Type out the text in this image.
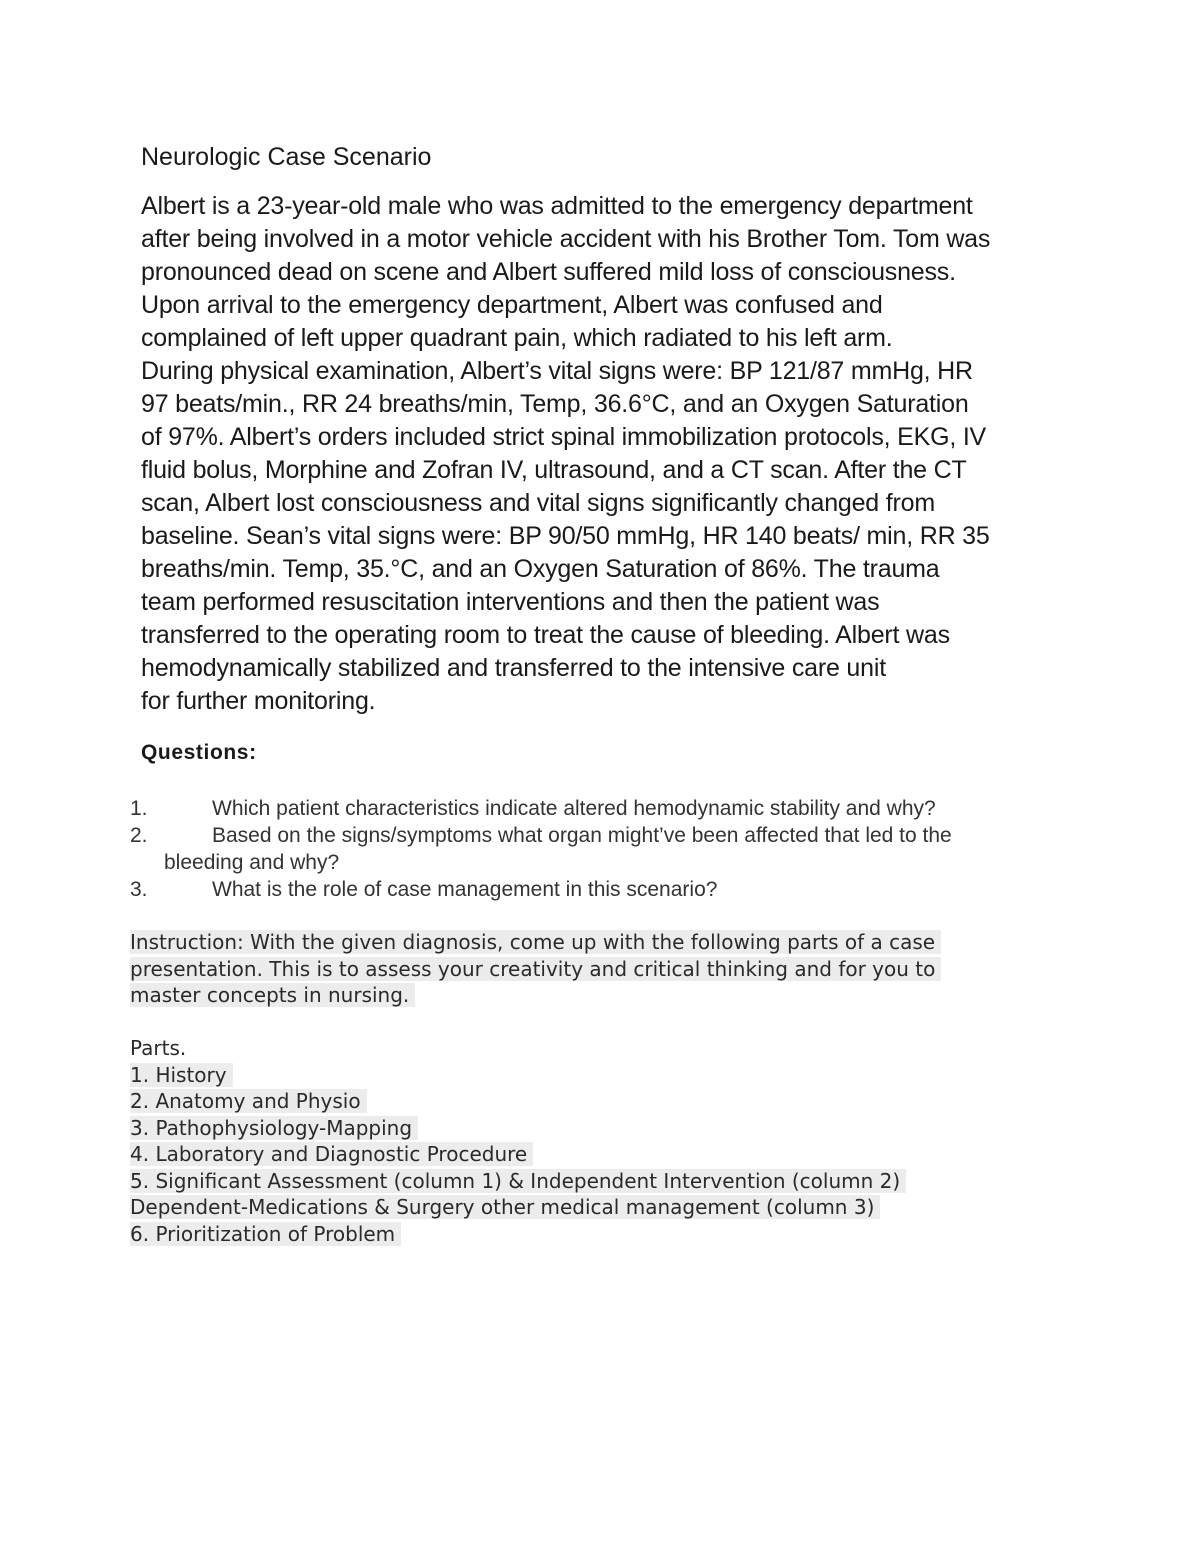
Neurologic Case Scenario
Albert is a 23-year-old male who was admitted to the emergency department
after being involved in a motor vehicle accident with his Brother Tom. Tom was
pronounced dead on scene and Albert suffered mild loss of consciousness.
Upon arrival to the emergency department, Albert was confused and
complained of left upper quadrant pain, which radiated to his left arm.
During physical examination, Albert’s vital signs were: BP 121/87 mmHg, HR
97 beats/min., RR 24 breaths/min, Temp, 36.6°C, and an Oxygen Saturation
of 97%. Albert’s orders included strict spinal immobilization protocols, EKG, IV
fluid bolus, Morphine and Zofran IV, ultrasound, and a CT scan. After the CT
scan, Albert lost consciousness and vital signs significantly changed from
baseline. Sean’s vital signs were: BP 90/50 mmHg, HR 140 beats/ min, RR 35
breaths/min. Temp, 35.°C, and an Oxygen Saturation of 86%. The trauma
team performed resuscitation interventions and then the patient was
transferred to the operating room to treat the cause of bleeding. Albert was
hemodynamically stabilized and transferred to the intensive care unit
for further monitoring.
Questions:
1.	Which patient characteristics indicate altered hemodynamic stability and why?
2.	Based on the signs/symptoms what organ might’ve been affected that led to the
bleeding and why?
3.	What is the role of case management in this scenario?
Instruction: With the given diagnosis, come up with the following parts of a case
presentation. This is to assess your creativity and critical thinking and for you to
master concepts in nursing.
Parts.
1. History
2. Anatomy and Physio
3. Pathophysiology-Mapping
4. Laboratory and Diagnostic Procedure
5. Significant Assessment (column 1) & Independent Intervention (column 2)
Dependent-Medications & Surgery other medical management (column 3)
6. Prioritization of Problem
